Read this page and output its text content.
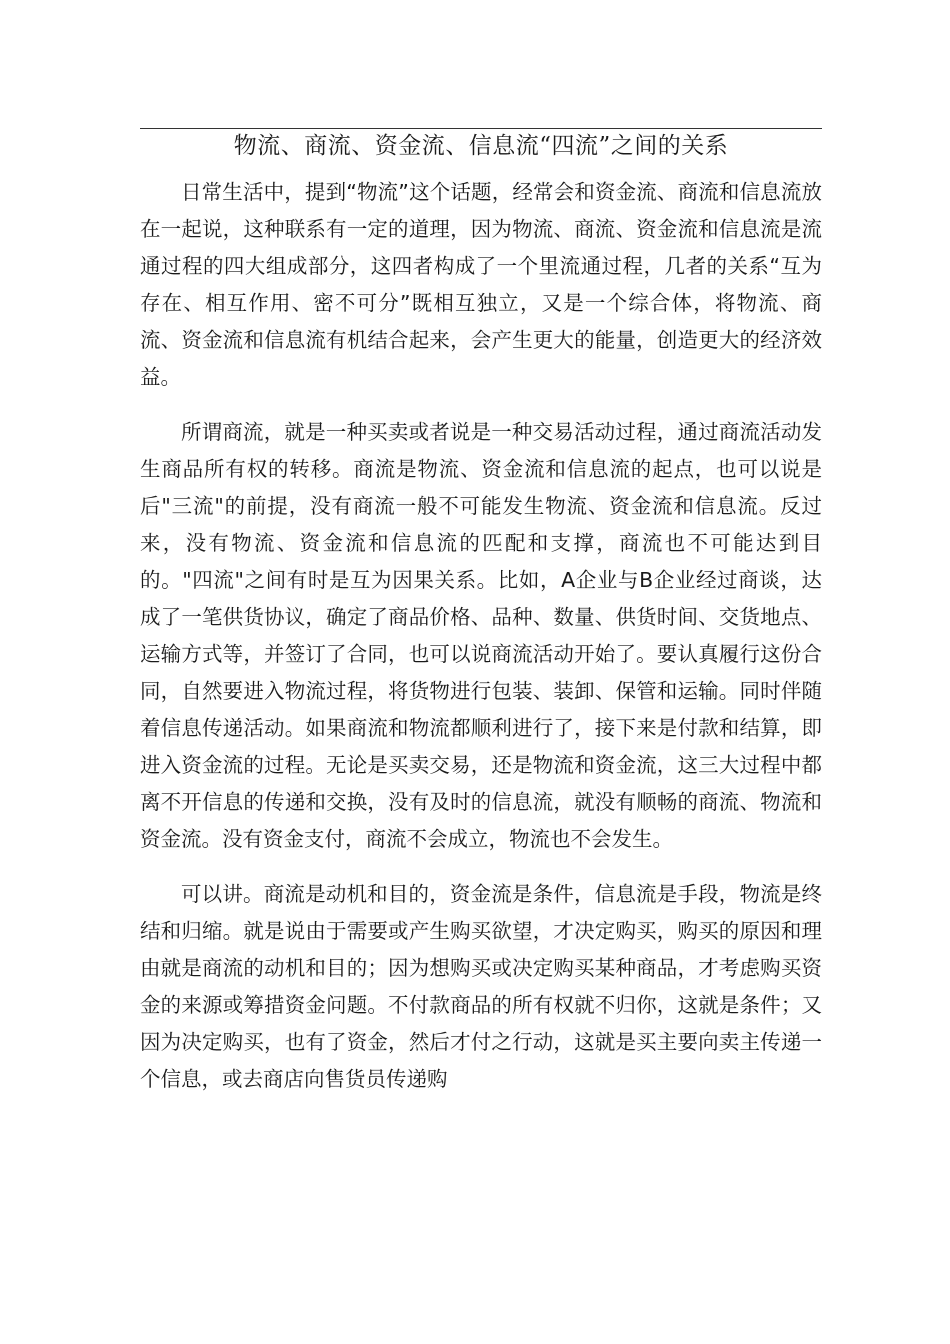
物流、商流、资金流、信息流“四流”之间的关系

日常生活中，提到“物流”这个话题，经常会和资金流、商流和信息流放在一起说，这种联系有一定的道理，因为物流、商流、资金流和信息流是流通过程的四大组成部分，这四者构成了一个里流通过程，几者的关系“互为存在、相互作用、密不可分”既相互独立，又是一个综合体，将物流、商流、资金流和信息流有机结合起来，会产生更大的能量，创造更大的经济效益。

所谓商流，就是一种买卖或者说是一种交易活动过程，通过商流活动发生商品所有权的转移。商流是物流、资金流和信息流的起点，也可以说是后"三流"的前提，没有商流一般不可能发生物流、资金流和信息流。反过来，没有物流、资金流和信息流的匹配和支撑，商流也不可能达到目的。"四流"之间有时是互为因果关系。比如，A企业与B企业经过商谈，达成了一笔供货协议，确定了商品价格、品种、数量、供货时间、交货地点、运输方式等，并签订了合同，也可以说商流活动开始了。要认真履行这份合同，自然要进入物流过程，将货物进行包装、装卸、保管和运输。同时伴随着信息传递活动。如果商流和物流都顺利进行了，接下来是付款和结算，即进入资金流的过程。无论是买卖交易，还是物流和资金流，这三大过程中都离不开信息的传递和交换，没有及时的信息流，就没有顺畅的商流、物流和资金流。没有资金支付，商流不会成立，物流也不会发生。

可以讲。商流是动机和目的，资金流是条件，信息流是手段，物流是终结和归缩。就是说由于需要或产生购买欲望，才决定购买，购买的原因和理由就是商流的动机和目的；因为想购买或决定购买某种商品，才考虑购买资金的来源或筹措资金问题。不付款商品的所有权就不归你，这就是条件；又因为决定购买，也有了资金，然后才付之行动，这就是买主要向卖主传递一个信息，或去商店向售货员传递购
